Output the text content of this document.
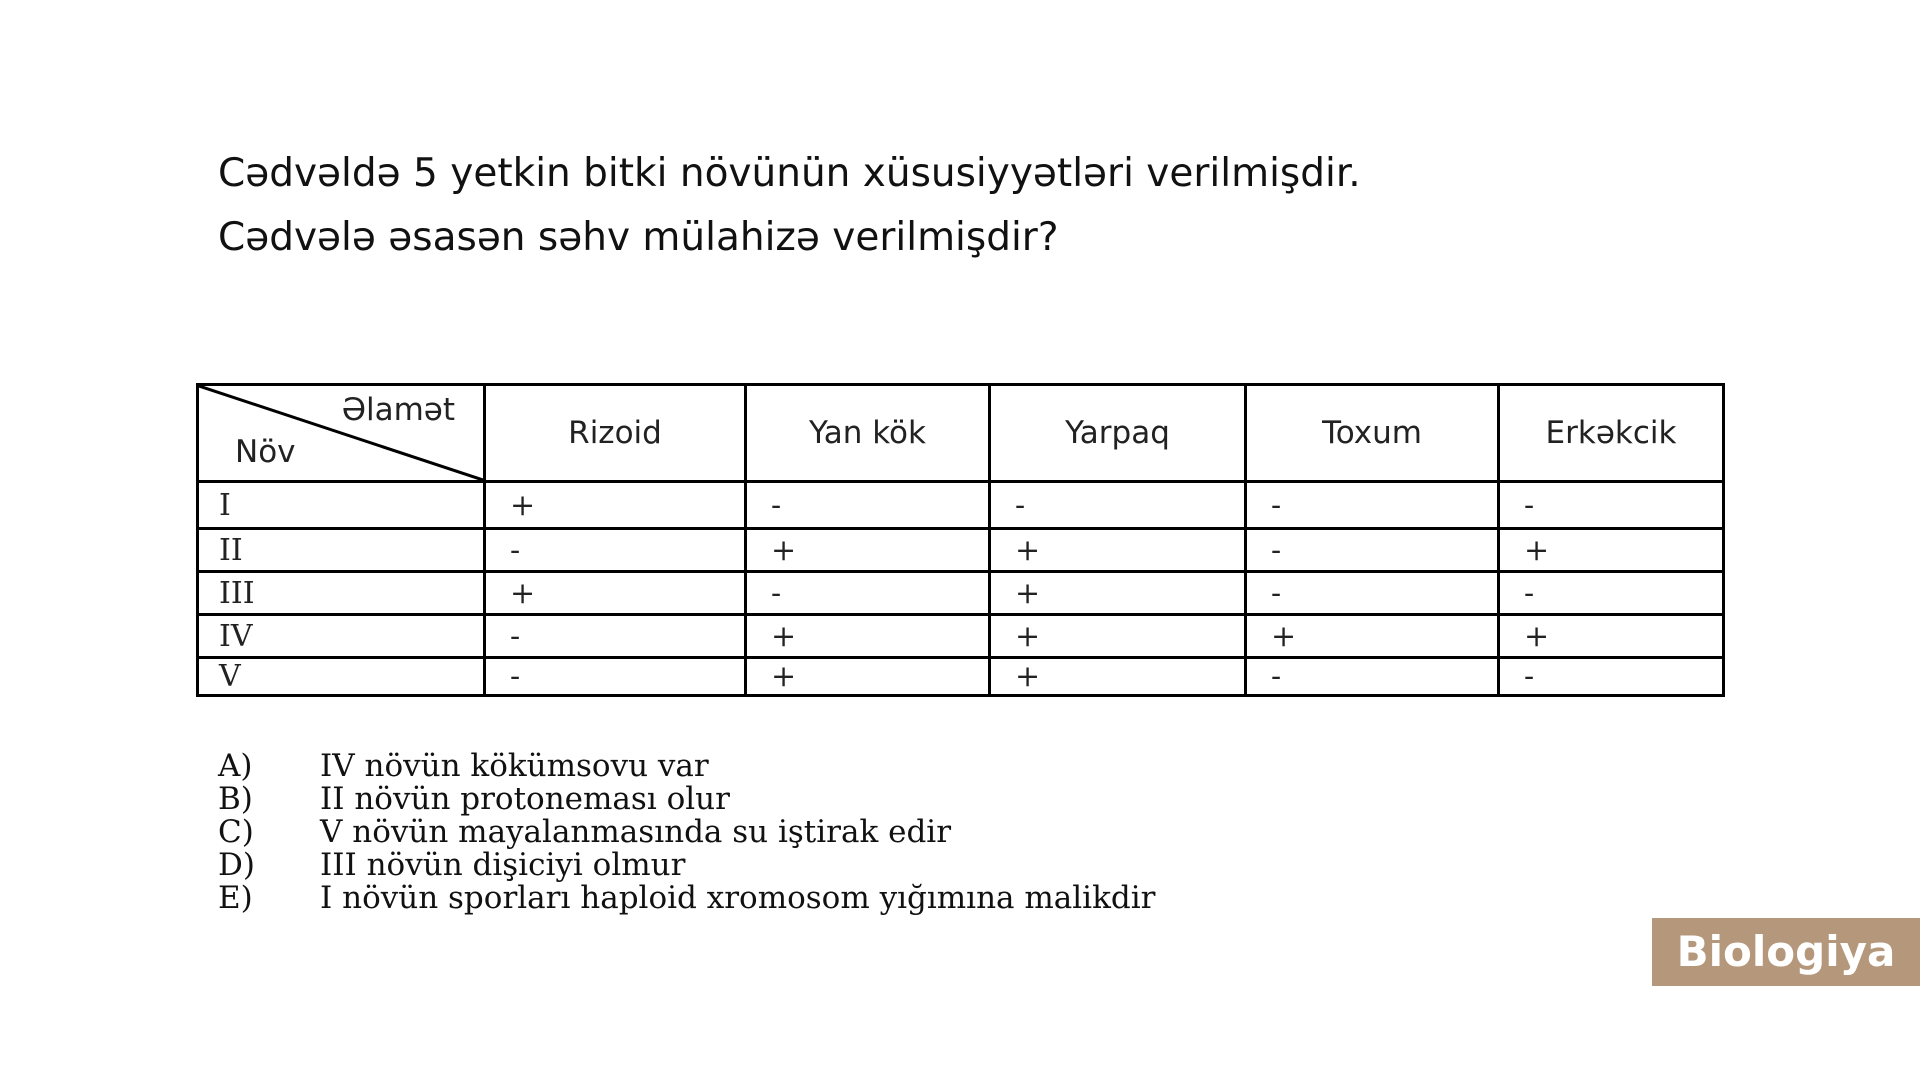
Cədvəldə 5 yetkin bitki növünün xüsusiyyətləri verilmişdir.
Cədvələ əsasən səhv mülahizə verilmişdir?
Əlamət
Növ	Rizoid	Yan kök	Yarpaq	Toxum	Erkəkcik
I	+	-	-	-	-
II	-	+	+	-	+
III	+	-	+	-	-
IV	-	+	+	+	+
V	-	+	+	-	-
A)	IV növün kökümsovu var
B)	II növün protoneması olur
C)	V növün mayalanmasında su iştirak edir
D)	III növün dişiciyi olmur
E)	I növün sporları haploid xromosom yığımına malikdir
Biologiya
